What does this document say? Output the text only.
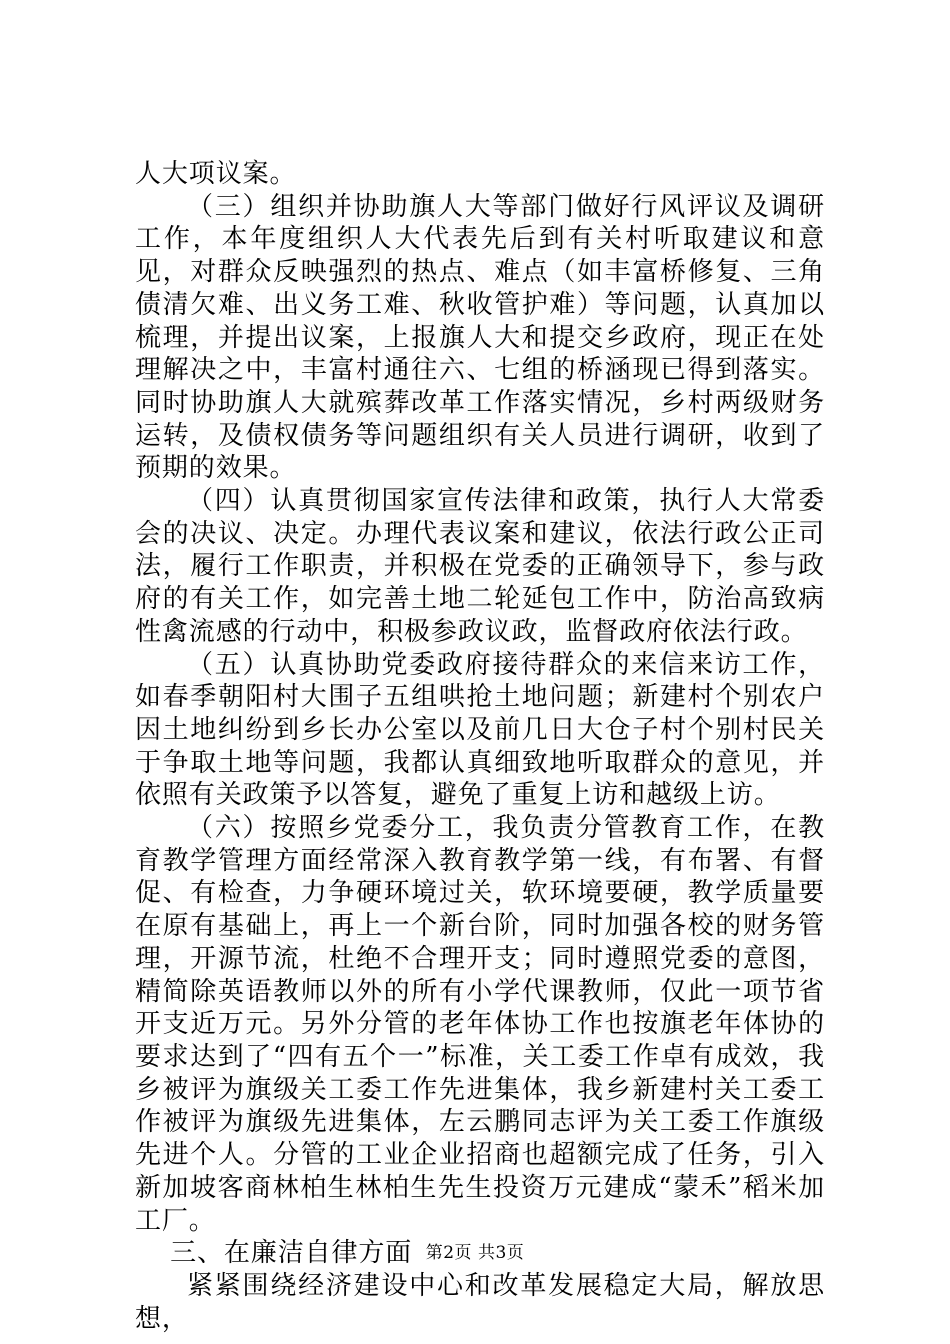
人大项议案。

（三）组织并协助旗人大等部门做好行风评议及调研工作，本年度组织人大代表先后到有关村听取建议和意见，对群众反映强烈的热点、难点（如丰富桥修复、三角债清欠难、出义务工难、秋收管护难）等问题，认真加以梳理，并提出议案，上报旗人大和提交乡政府，现正在处理解决之中，丰富村通往六、七组的桥涵现已得到落实。同时协助旗人大就殡葬改革工作落实情况，乡村两级财务运转，及债权债务等问题组织有关人员进行调研，收到了预期的效果。

（四）认真贯彻国家宣传法律和政策，执行人大常委会的决议、决定。办理代表议案和建议，依法行政公正司法，履行工作职责，并积极在党委的正确领导下，参与政府的有关工作，如完善土地二轮延包工作中，防治高致病性禽流感的行动中，积极参政议政，监督政府依法行政。

（五）认真协助党委政府接待群众的来信来访工作，如春季朝阳村大围子五组哄抢土地问题；新建村个别农户因土地纠纷到乡长办公室以及前几日大仓子村个别村民关于争取土地等问题，我都认真细致地听取群众的意见，并依照有关政策予以答复，避免了重复上访和越级上访。

（六）按照乡党委分工，我负责分管教育工作，在教育教学管理方面经常深入教育教学第一线，有布署、有督促、有检查，力争硬环境过关，软环境要硬，教学质量要在原有基础上，再上一个新台阶，同时加强各校的财务管理，开源节流，杜绝不合理开支；同时遵照党委的意图，精简除英语教师以外的所有小学代课教师，仅此一项节省开支近万元。另外分管的老年体协工作也按旗老年体协的要求达到了“四有五个一”标准，关工委工作卓有成效，我乡被评为旗级关工委工作先进集体，我乡新建村关工委工作被评为旗级先进集体，左云鹏同志评为关工委工作旗级先进个人。分管的工业企业招商也超额完成了任务，引入新加坡客商林柏生林柏生先生投资万元建成“蒙禾”稻米加工厂。

三、在廉洁自律方面

紧紧围绕经济建设中心和改革发展稳定大局，解放思想，

第2页 共3页
